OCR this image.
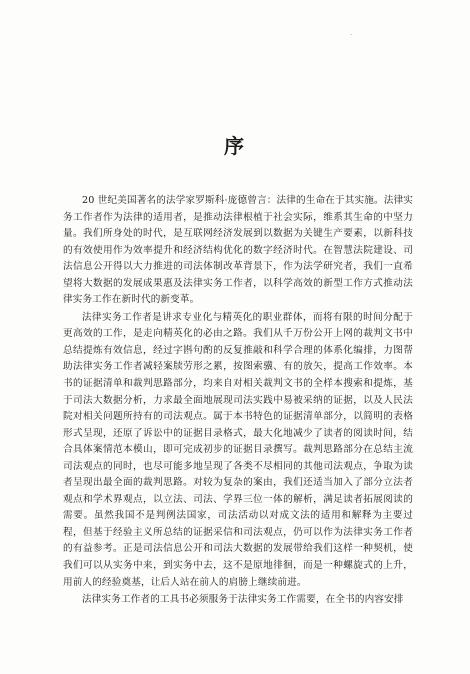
·
序

20 世纪美国著名的法学家罗斯科·庞德曾言：法律的生命在于其实施。法律实务工作者作为法律的适用者，是推动法律根植于社会实际，维系其生命的中坚力量。我们所身处的时代，是互联网经济发展到以数据为关键生产要素，以新科技的有效使用作为效率提升和经济结构优化的数字经济时代。在智慧法院建设、司法信息公开得以大力推进的司法体制改革背景下，作为法学研究者，我们一直希望将大数据的发展成果惠及法律实务工作者，以科学高效的新型工作方式推动法律实务工作在新时代的新变革。

法律实务工作者是讲求专业化与精英化的职业群体，而将有限的时间分配于更高效的工作，是走向精英化的必由之路。我们从千万份公开上网的裁判文书中总结提炼有效信息，经过字斟句酌的反复推敲和科学合理的体系化编排，力图帮助法律实务工作者减轻案牍劳形之累，按图索骥、有的放矢，提高工作效率。本书的证据清单和裁判思路部分，均来自对相关裁判文书的全样本搜索和提炼，基于司法大数据分析，力求最全面地展现司法实践中易被采纳的证据，以及人民法院对相关问题所持有的司法观点。属于本书特色的证据清单部分，以简明的表格形式呈现，还原了诉讼中的证据目录格式，最大化地减少了读者的阅读时间，结合具体案情范本模山，即可完成初步的证据目录撰写。裁判思路部分在总结主流司法观点的同时，也尽可能多地呈现了各类不尽相同的其他司法观点，争取为读者呈现出最全面的裁判思路。对较为复杂的案由，我们还适当加入了部分立法者观点和学术界观点，以立法、司法、学界三位一体的解析，满足读者拓展阅读的需要。虽然我国不是判例法国家，司法活动以对成文法的适用和解释为主要过程，但基于经验主义所总结的证据采信和司法观点，仍可以作为法律实务工作者的有益参考。正是司法信息公开和司法大数据的发展带给我们这样一种契机，使我们可以从实务中来，到实务中去，这不是原地徘徊，而是一种螺旋式的上升，用前人的经验奠基，让后人站在前人的肩膀上继续前进。

法律实务工作者的工具书必须服务于法律实务工作需要，在全书的内容安排
